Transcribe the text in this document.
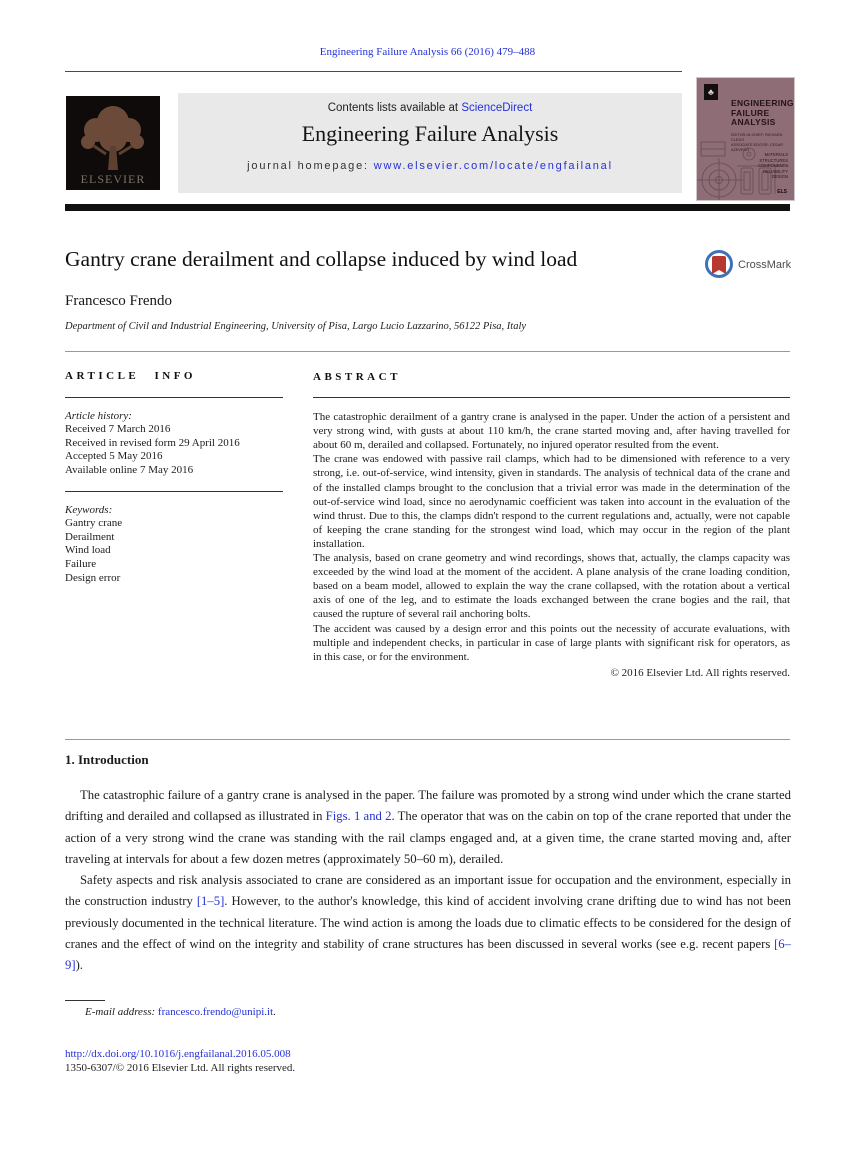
Engineering Failure Analysis 66 (2016) 479–488
ELSEVIER
Contents lists available at ScienceDirect
Engineering Failure Analysis
journal homepage: www.elsevier.com/locate/engfailanal
♣
ENGINEERING
FAILURE
ANALYSIS
EDITOR-IN-CHIEF: RICHARD CLEGG
ASSOCIATE EDITOR: CESAR AZEVEDO
MATERIALS
STRUCTURES
COMPONENTS
RELIABILITY
DESIGN
ELS
Gantry crane derailment and collapse induced by wind load	CrossMark
Francesco Frendo
Department of Civil and Industrial Engineering, University of Pisa, Largo Lucio Lazzarino, 56122 Pisa, Italy
ARTICLE INFO
Article history:
Received 7 March 2016
Received in revised form 29 April 2016
Accepted 5 May 2016
Available online 7 May 2016
Keywords:
Gantry crane
Derailment
Wind load
Failure
Design error
ABSTRACT

The catastrophic derailment of a gantry crane is analysed in the paper. Under the action of a persistent and very strong wind, with gusts at about 110 km/h, the crane started moving and, after having travelled for about 60 m, derailed and collapsed. Fortunately, no injured operator resulted from the event.

The crane was endowed with passive rail clamps, which had to be dimensioned with reference to a very strong, i.e. out-of-service, wind intensity, given in standards. The analysis of technical data of the crane and of the installed clamps brought to the conclusion that a trivial error was made in the determination of the out-of-service wind load, since no aerodynamic coefficient was taken into account in the evaluation of the wind thrust. Due to this, the clamps didn't respond to the current regulations and, actually, were not capable of keeping the crane standing for the strongest wind load, which may occur in the region of the plant installation.

The analysis, based on crane geometry and wind recordings, shows that, actually, the clamps capacity was exceeded by the wind load at the moment of the accident. A plane analysis of the crane loading condition, based on a beam model, allowed to explain the way the crane collapsed, with the rotation about a vertical axis of one of the leg, and to estimate the loads exchanged between the crane bogies and the rail, that caused the rupture of several rail anchoring bolts.

The accident was caused by a design error and this points out the necessity of accurate evaluations, with multiple and independent checks, in particular in case of large plants with significant risk for operators, as in this case, or for the environment.

© 2016 Elsevier Ltd. All rights reserved.
1. Introduction

The catastrophic failure of a gantry crane is analysed in the paper. The failure was promoted by a strong wind under which the crane started drifting and derailed and collapsed as illustrated in Figs. 1 and 2. The operator that was on the cabin on top of the crane reported that under the action of a very strong wind the crane was standing with the rail clamps engaged and, at a given time, the crane started moving and, after traveling at intervals for about a few dozen metres (approximately 50–60 m), derailed.

Safety aspects and risk analysis associated to crane are considered as an important issue for occupation and the environment, especially in the construction industry [1–5]. However, to the author's knowledge, this kind of accident involving crane drifting due to wind has not been previously documented in the technical literature. The wind action is among the loads due to climatic effects to be considered for the design of cranes and the effect of wind on the integrity and stability of crane structures has been discussed in several works (see e.g. recent papers [6–9]).

E-mail address: francesco.frendo@unipi.it.
http://dx.doi.org/10.1016/j.engfailanal.2016.05.008
1350-6307/© 2016 Elsevier Ltd. All rights reserved.
